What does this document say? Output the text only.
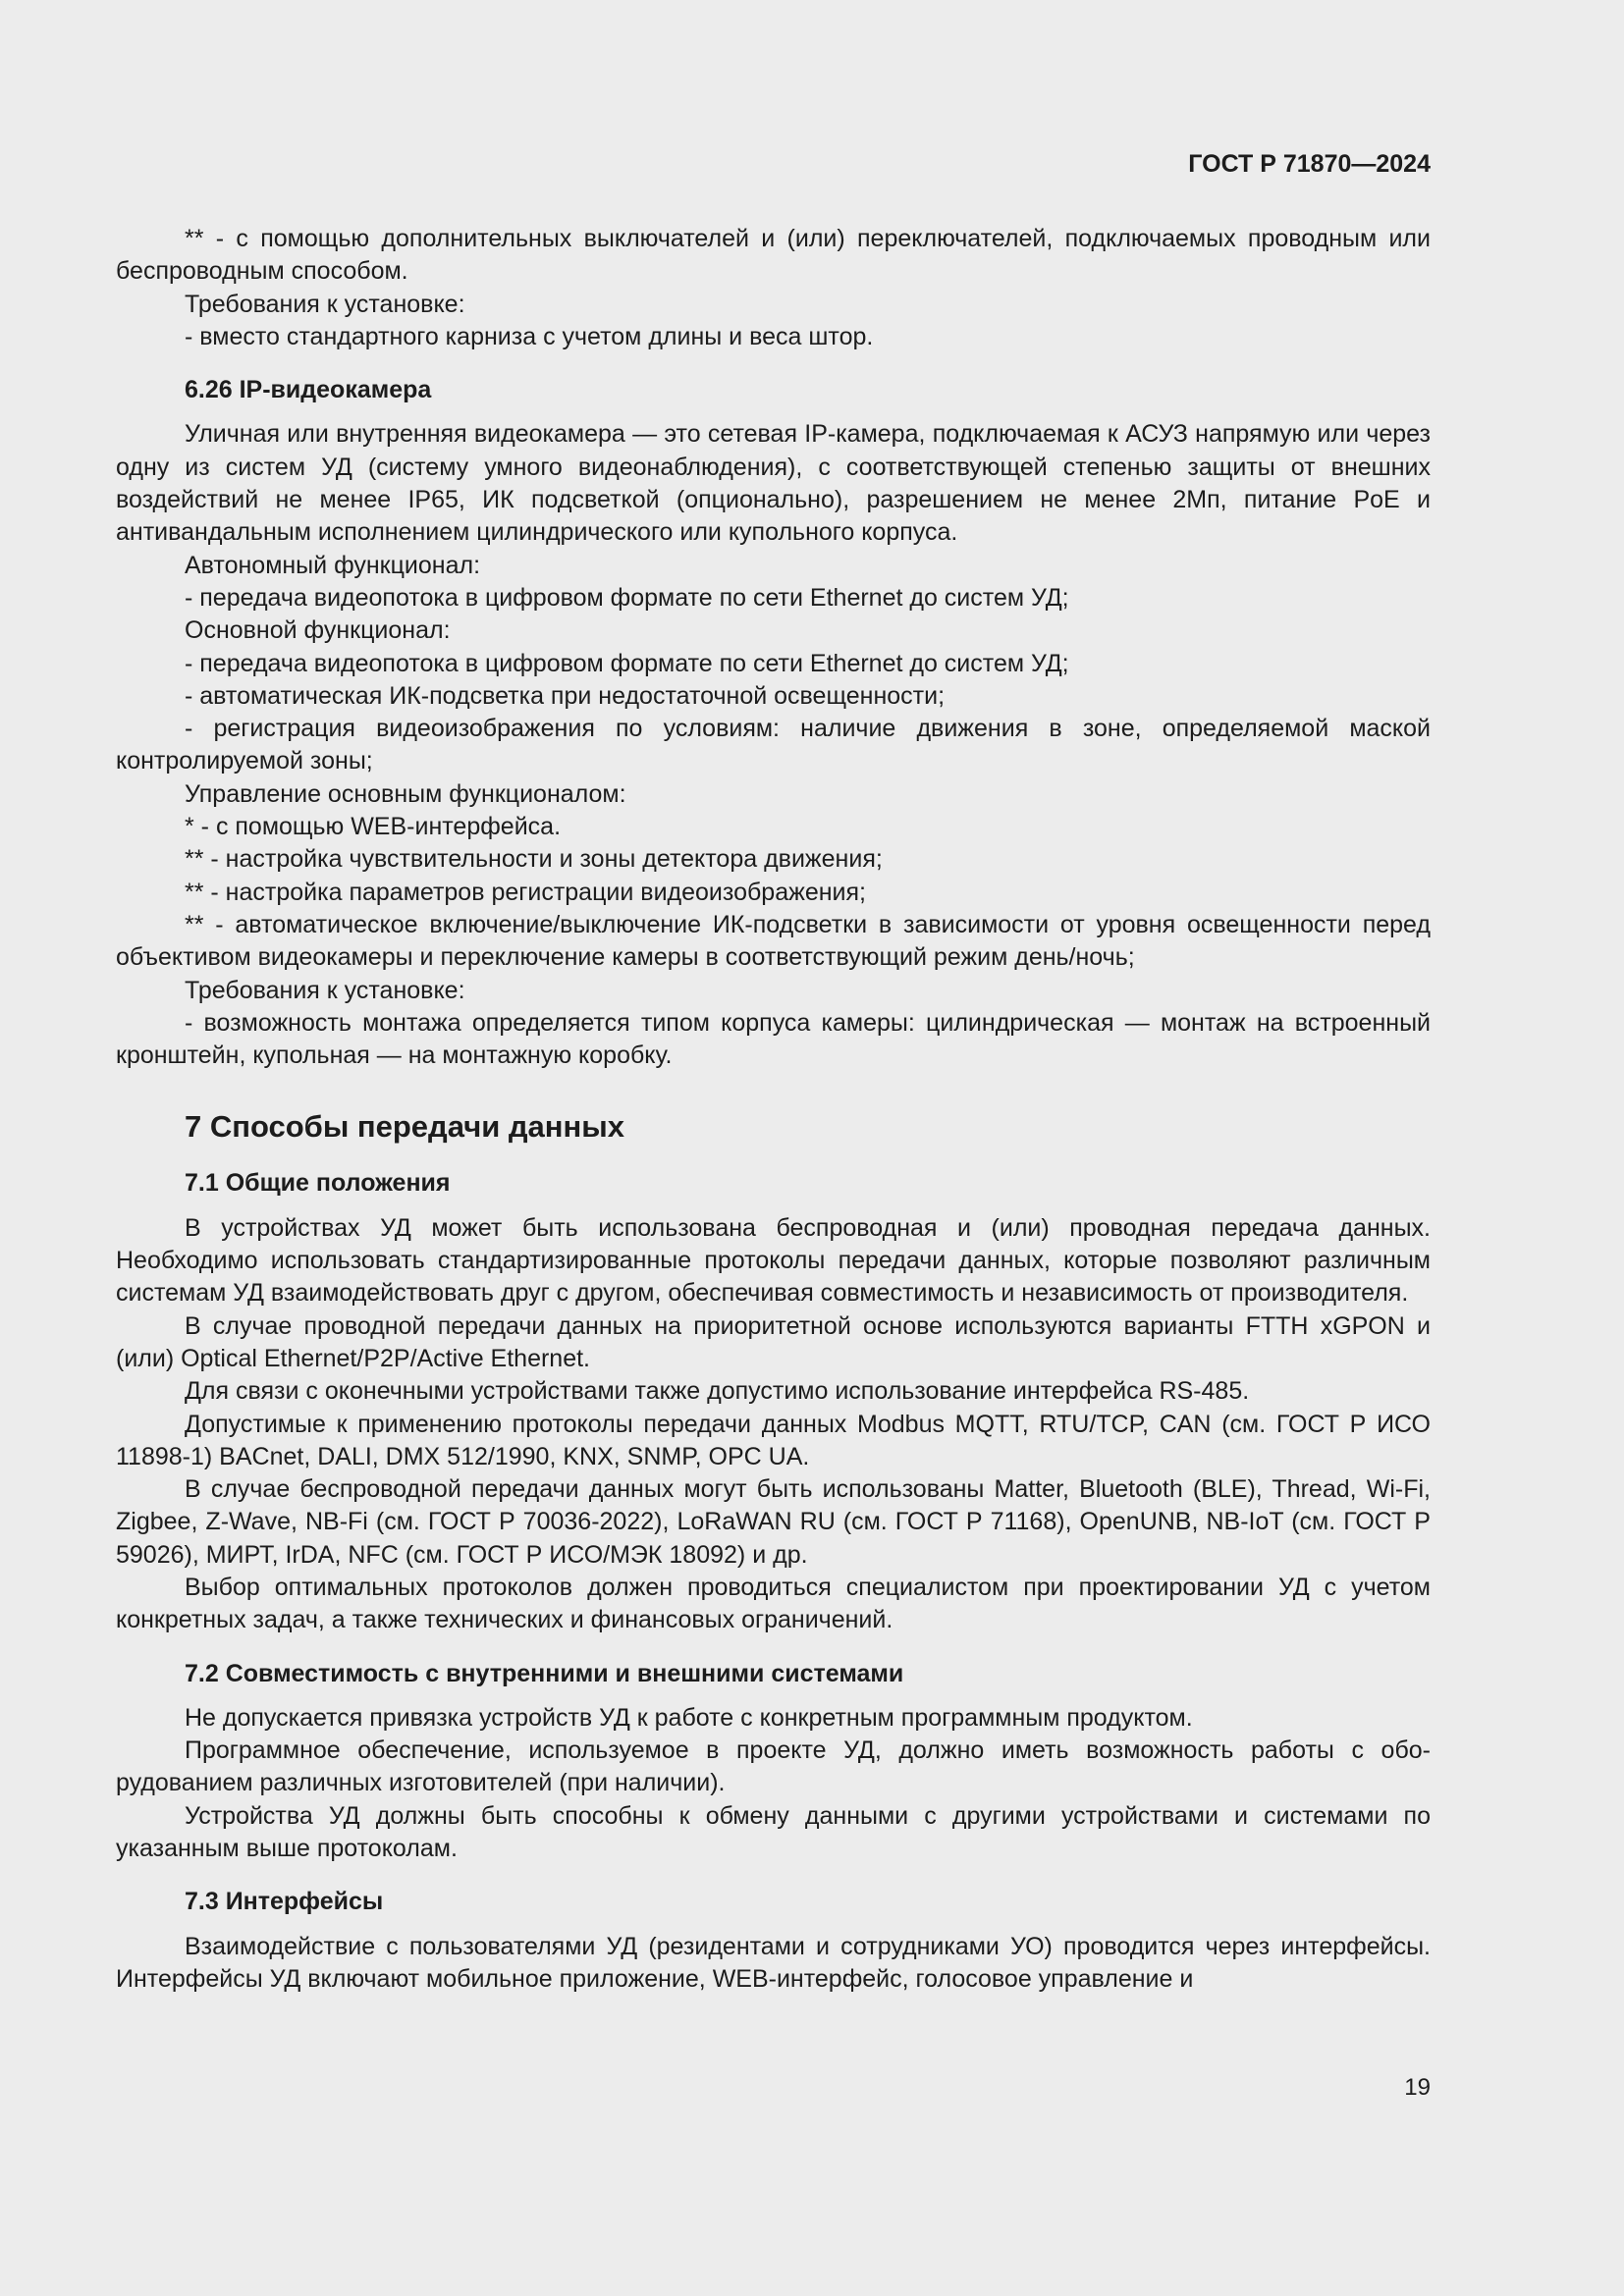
ГОСТ Р 71870—2024

** - с помощью дополнительных выключателей и (или) переключателей, подключаемых проводным или беспроводным способом.

Требования к установке:

- вместо стандартного карниза с учетом длины и веса штор.

6.26 IP-видеокамера

Уличная или внутренняя видеокамера — это сетевая IP-камера, подключаемая к АСУЗ напрямую или через одну из систем УД (систему умного видеонаблюдения), с соответствующей степенью защиты от внешних воздействий не менее IP65, ИК подсветкой (опционально), разрешением не менее 2Мп, питание PoE и антивандальным исполнением цилиндрического или купольного корпуса.

Автономный функционал:

- передача видеопотока в цифровом формате по сети Ethernet до систем УД;

Основной функционал:

- передача видеопотока в цифровом формате по сети Ethernet до систем УД;

- автоматическая ИК-подсветка при недостаточной освещенности;

- регистрация видеоизображения по условиям: наличие движения в зоне, определяемой маской контролируемой зоны;

Управление основным функционалом:

* - с помощью WEB-интерфейса.

** - настройка чувствительности и зоны детектора движения;

** - настройка параметров регистрации видеоизображения;

** - автоматическое включение/выключение ИК-подсветки в зависимости от уровня освещенности перед объективом видеокамеры и переключение камеры в соответствующий режим день/ночь;

Требования к установке:

- возможность монтажа определяется типом корпуса камеры: цилиндрическая — монтаж на встроенный кронштейн, купольная — на монтажную коробку.

7 Способы передачи данных

7.1 Общие положения

В устройствах УД может быть использована беспроводная и (или) проводная передача данных. Необходимо использовать стандартизированные протоколы передачи данных, которые позволяют различным системам УД взаимодействовать друг с другом, обеспечивая совместимость и независимость от производителя.

В случае проводной передачи данных на приоритетной основе используются варианты FTTH xGPON и (или) Optical Ethernet/P2P/Active Ethernet.

Для связи с оконечными устройствами также допустимо использование интерфейса RS-485.

Допустимые к применению протоколы передачи данных Modbus MQTT, RTU/TCP, CAN (см. ГОСТ Р ИСО 11898-1) BACnet, DALI, DMX 512/1990, KNX, SNMP, OPC UA.

В случае беспроводной передачи данных могут быть использованы Matter, Bluetooth (BLE), Thread, Wi-Fi, Zigbee, Z-Wave, NB-Fi (см. ГОСТ Р 70036-2022), LoRaWAN RU (см. ГОСТ Р 71168), OpenUNB, NB-IoT (см. ГОСТ Р 59026), МИРТ, IrDA, NFC (см. ГОСТ Р ИСО/МЭК 18092) и др.

Выбор оптимальных протоколов должен проводиться специалистом при проектировании УД с учетом конкретных задач, а также технических и финансовых ограничений.

7.2 Совместимость с внутренними и внешними системами

Не допускается привязка устройств УД к работе с конкретным программным продуктом.

Программное обеспечение, используемое в проекте УД, должно иметь возможность работы с оборудованием различных изготовителей (при наличии).

Устройства УД должны быть способны к обмену данными с другими устройствами и системами по указанным выше протоколам.

7.3 Интерфейсы

Взаимодействие с пользователями УД (резидентами и сотрудниками УО) проводится через интерфейсы. Интерфейсы УД включают мобильное приложение, WEB-интерфейс, голосовое управление и

19
